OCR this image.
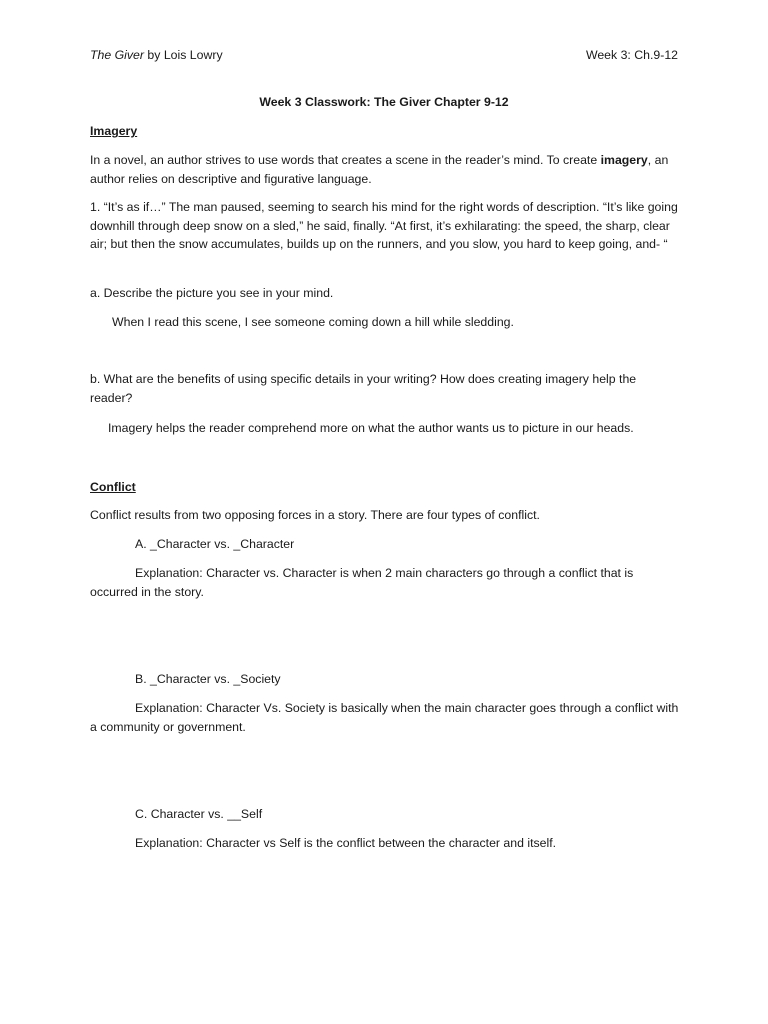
The Giver by Lois Lowry	Week 3: Ch.9-12
Week 3 Classwork: The Giver Chapter 9-12
Imagery

In a novel, an author strives to use words that creates a scene in the reader’s mind. To create imagery, an author relies on descriptive and figurative language.

1. “It’s as if…” The man paused, seeming to search his mind for the right words of description. “It’s like going downhill through deep snow on a sled,” he said, finally. “At first, it’s exhilarating: the speed, the sharp, clear air; but then the snow accumulates, builds up on the runners, and you slow, you hard to keep going, and- “

a. Describe the picture you see in your mind.

When I read this scene, I see someone coming down a hill while sledding.

b. What are the benefits of using specific details in your writing? How does creating imagery help the reader?

Imagery helps the reader comprehend more on what the author wants us to picture in our heads.

Conflict

Conflict results from two opposing forces in a story. There are four types of conflict.

A. _Character vs. _Character

Explanation: Character vs. Character is when 2 main characters go through a conflict that is occurred in the story.

B. _Character vs. _Society

Explanation: Character Vs. Society is basically when the main character goes through a conflict with a community or government.

C. Character vs. __Self

Explanation: Character vs Self is the conflict between the character and itself.
